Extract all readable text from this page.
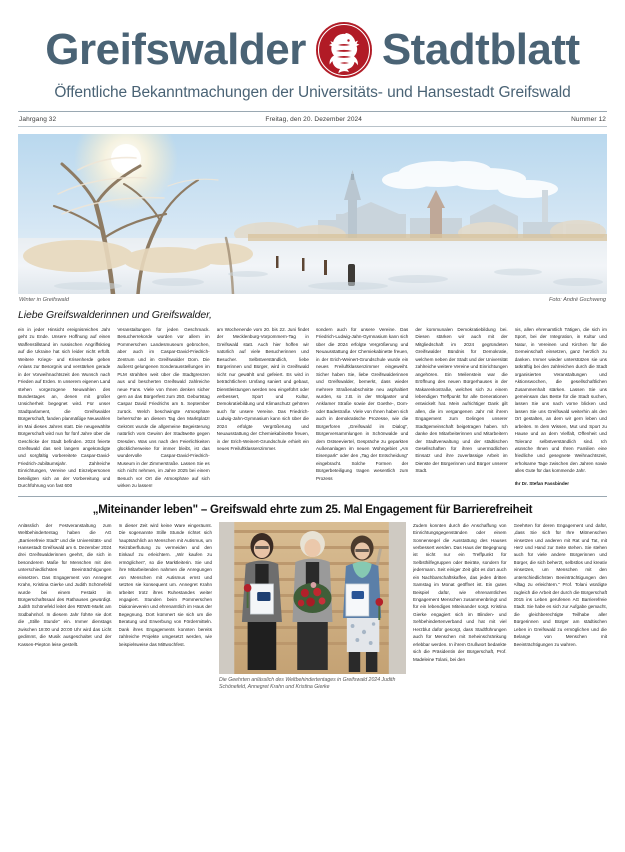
Greifswalder Stadtblatt
Öffentliche Bekanntmachungen der Universitäts- und Hansestadt Greifswald
Jahrgang 32	Freitag, den 20. Dezember 2024	Nummer 12
Winter in Greifswald	Foto: André Gschweng
Liebe Greifswalderinnen und Greifswalder,
ein in jeder Hinsicht ereignisreiches Jahr geht zu Ende. Unsere Hoffnung auf einen Waffenstillstand im russischen Angriffskrieg auf die Ukraine hat sich leider nicht erfüllt. Weitere Kriegs- und Krisenherde geben Anlass zur Besorgnis und verstärken gerade in der Vorweihnachtszeit den Wunsch nach Frieden auf Erden. In unserem eigenen Land stehen vorgezogene Neuwahlen des Bundestages an, denen mit großer Unsicherheit begegnet wird. Für unser Stadtparlament, die Greifswalder Bürgerschaft, fanden planmäßige Neuwahlen im Mai dieses Jahres statt. Die neugewählte Bürgerschaft wird nun für fünf Jahre über die Geschicke der Stadt befinden. 2024 feierte Greifswald das seit langem angekündigte und sorgfältig vorbereitete Caspar-David-Friedrich-Jubiläumsjahr. Zahlreiche Einrichtungen, Vereine und Einzelpersonen beteiligten sich an der Vorbereitung und Durchführung von fast 600
Veranstaltungen für jeden Geschmack. Besucherrekorde wurden vor allem im Pommerschen Landesmuseum gebrochen, aber auch im Caspar-David-Friedrich-Zentrum und im Greifswalder Dom. Die äußerst gelungenen Sonderausstellungen im PLM strahlten weit über die Stadtgrenzen aus und bescherten Greifswald zahlreiche neue Fans. Viele von Ihnen denken sicher gern an das Bürgerfest zum 250. Geburtstag Caspar David Friedrichs am 5. September zurück. Welch beschwingte Atmosphäre beherrschte an diesem Tag den Marktplatz! Gekrönt wurde die allgemeine Begeisterung natürlich vom Gewinn der Stadtwette gegen Dresden. Was uns nach den Feierlichkeiten glücklicherweise für immer bleibt, ist das wundervolle Caspar-David-Friedrich-Museum in der Zimmerstraße. Lassen Sie es sich nicht nehmen, im Jahre 2025 bei einem Besuch vor Ort die Atmosphäre auf sich wirken zu lassen!
am Wochenende vom 20. bis 22. Juni findet der Mecklenburg-Vorpommern-Tag in Greifswald statt. Auch hier hoffen wir natürlich auf viele Besucherinnen und Besucher. Selbstverständlich, liebe Bürgerinnen und Bürger, wird in Greifswald nicht nur gewählt und gefeiert. Es wird in beträchtlichem Umfang saniert und gebaut, Dienstleistungen werden neu eingeführt oder verbessert, Sport und Kultur, Demokratiebildung und Klimaschutz gehören auch für unsere Vereine. Das Friedrich-Ludwig-Jahn-Gymnasium kann sich über die 2024 erfolgte Vergrößerung und Neuausstattung der Chemiekabinette freuen, in der Erich-Weinert-Grundschule erhielt ein neues Freiluftklassenzimmer.
sondern auch für unsere Vereine. Das Friedrich-Ludwig-Jahn-Gymnasium kann sich über die 2024 erfolgte Vergrößerung und Neuausstattung der Chemiekabinette freuen, in der Erich-Weinert-Grundschule wurde ein neues Freiluftklassenzimmer eingeweiht. Sicher haben Sie, liebe Greifswalderinnen und Greifswalder, bemerkt, dass wieder mehrere Straßenabschnitte neu asphaltiert wurden, so z.B. in der Wolgaster und Anklamer Straße sowie der Goethe-, Dom- oder Badestraße. Viele von Ihnen haben sich auch in demokratische Prozesse, wie die Bürgerforen „Greifswald im Dialog", Bürgerversammlungen in Schönwalde und dem Ostseeviertel, Gespräche zu geparkten Außenanlagen im neuen Wohngebiet „Am Eisenpark" oder den „Tag der Entscheidung" eingebracht. Solche Formen der Bürgerbeteiligung tragen wesentlich zum Prozess
der kommunalen Demokratiebildung bei. Diesen stärken wir auch mit der Mitgliedschaft im 2024 gegründeten Greifswalder Bündnis für Demokratie, welchem neben der Stadt und der Universität zahlreiche weitere Vereine und Einrichtungen angehören. Ein Meilenstein war die Eröffnung des neuen Bürgerhauses in der Makarenkostraße, welches sich zu einem lebendigen Treffpunkt für alle Generationen entwickelt hat. Mein aufrichtiger Dank gilt allen, die im vergangenen Jahr mit ihrem Engagement zum Gelingen unserer Stadtgemeinschaft beigetragen haben. Ich danke den Mitarbeiterinnen und Mitarbeitern der Stadtverwaltung und der städtischen Gesellschaften für ihren unermüdlichen Einsatz und ihre zuverlässige Arbeit im Dienste der Bürgerinnen und Bürger unserer Stadt.
nis, allen ehrenamtlich Tätigen, die sich im Sport, bei der Integration, in Kultur und Natur, in Vereinen und Kirchen für die Gemeinschaft einsetzen, ganz herzlich zu danken. Immer wieder unterstützen sie uns tatkräftig bei den zahlreichen durch die Stadt organisierten Veranstaltungen und Aktionswochen, die gesellschaftlichen Zusammenhalt stärken. Lassen Sie uns gemeinsam das Beste für die Stadt suchen, lassen Sie uns nach vorne blicken und lassen Sie uns Greifswald weiterhin als den Ort gestalten, an dem wir gern leben und arbeiten. In dem Wissen, Mut und Sport zu Hause und an dem Vielfalt, Offenheit und Toleranz selbstverständlich sind. Ich wünsche Ihnen und Ihren Familien eine friedliche und gesegnete Weihnachtszeit, erholsame Tage zwischen den Jahren sowie alles Gute für das kommende Jahr.
Ihr Dr. Stefan Fassbinder
„Miteinander leben" – Greifswald ehrte zum 25. Mal Engagement für Barrierefreiheit
Anlässlich der Festveranstaltung zum Weltbehindertentag haben die AG „Barrierefreie Stadt" und die Universitäts- und Hansestadt Greifswald am 6. Dezember 2024 drei Greifswalderinnen geehrt, die sich in besonderem Maße für Menschen mit den unterschiedlichsten Beeinträchtigungen einsetzen. Das Engagement von Annegret Krahn, Kristina Gierke und Judith Schönefeld wurde bei einem Festakt im Bürgerschaftssaal des Rathauses gewürdigt. Judith Schönefeld leitet den REWE-Markt am Südbahnhof. In diesem Jahr führte sie dort die „Stille Stunde" ein. Immer dienstags zwischen 18:00 und 20:00 Uhr wird das Licht gedimmt, die Musik ausgeschaltet und der Kassen-Piepton leise gestellt.
In dieser Zeit wird keine Ware eingeräumt. Die sogenannte Stille Stunde richtet sich hauptsächlich an Menschen mit Autismus, um Reizüberflutung zu vermeiden und den Einkauf zu erleichtern. „Wir kaufen zu ermöglichen", so die Marktleiterin. Sie und ihre Mitarbeitenden nahmen die Anregungen von Menschen mit Autismus ernst und setzten sie konsequent um. Annegret Krahn arbeitet trotz ihres Ruhestandes weiter engagiert. Stunden beim Pommerschen Diakonieverein und ehrenamtlich im Haus der Begegnung. Dort kümmert sie sich um die Beratung und Erwerbung von Fördermitteln. Dank ihres Engagements konnten bereits zahlreiche Projekte umgesetzt werden, wie beispielsweise das Mittwochfest.
Die Geehrten anlässlich des Weltbehindertentages in Greifswald 2024 Judith Schönefeld, Annegret Krahn und Kristina Gierke
Zudem konnten durch die Anschaffung von Einrichtungsgegenständen oder einem Sonnensegel die Ausstattung des Hauses verbessert werden. Das Haus der Begegnung ist nicht nur ein Treffpunkt für Selbsthilfegruppen oder Beiräte, sondern für jedermann. Seit einiger Zeit gibt es dort auch ein Nachbarschaftskaffee, das jeden dritten Samstag im Monat geöffnet ist. Ein gutes Beispiel dafür, wie ehrenamtliches Engagement Menschen zusammenbringt und für ein lebendiges Miteinander sorgt. Kristina Gierke engagiert sich im Blinden- und Sehbehindertenverband und hat mit viel Herzblut dafür gesorgt, dass Stadtführungen auch für Menschen mit Seheinschränkung erlebbar werden. In ihrem Grußwort bedankte sich die Präsidentin der Bürgerschaft, Prof. Madeleine Tolani, bei den
Geehrten für deren Engagement und dafür, „dass Sie sich für Ihre Mitmenschen einsetzen und anderen mit Rat und Tat, mit Herz und Hand zur Seite stehen. Sie stehen auch für viele andere Bürgerinnen und Bürger, die sich beherzt, selbstlos und kreativ einsetzen, um Menschen mit den unterschiedlichsten Beeinträchtigungen den Alltag zu erleichtern." Prof. Tolani würdigte zugleich die Arbeit der durch die Bürgerschaft 2015 ins Leben gerufenen AG Barrierefreie Stadt. Sie habe es sich zur Aufgabe gemacht, die gleichberechtigte Teilhabe aller Bürgerinnen und Bürger am städtischen Leben in Greifswald zu ermöglichen und die Belange von Menschen mit Beeinträchtigungen zu wahren.
